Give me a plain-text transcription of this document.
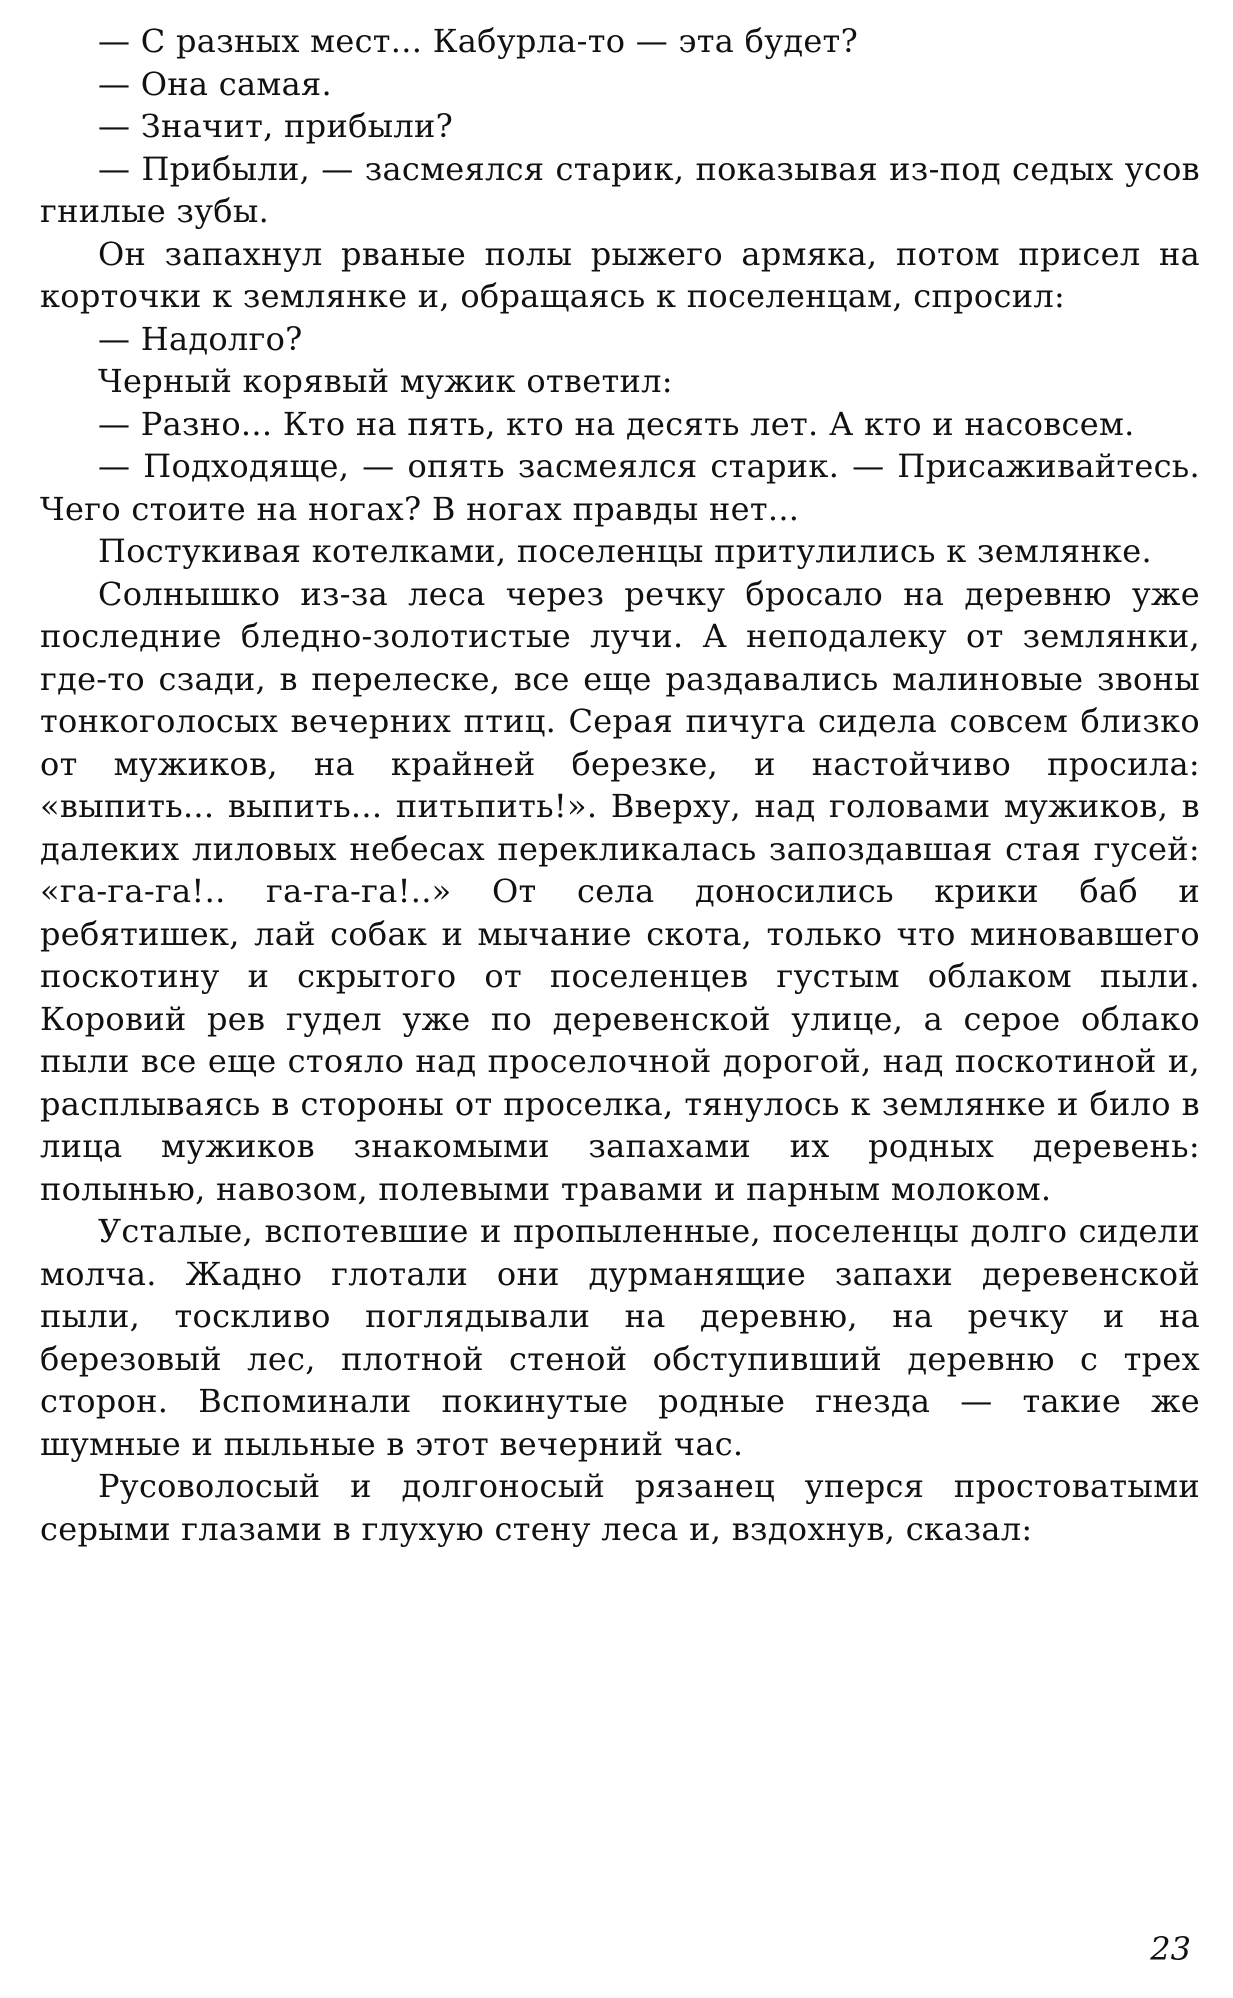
— С разных мест... Кабурла-то — эта будет?

— Она самая.

— Значит, прибыли?

— Прибыли, — засмеялся старик, показывая из-под седых усов гнилые зубы.

Он запахнул рваные полы рыжего армяка, потом присел на корточки к землянке и, обращаясь к поселенцам, спросил:

— Надолго?

Черный корявый мужик ответил:

— Разно... Кто на пять, кто на десять лет. А кто и насовсем.

— Подходяще, — опять засмеялся старик. — Присаживайтесь. Чего стоите на ногах? В ногах правды нет...

Постукивая котелками, поселенцы притулились к землянке.

Солнышко из-за леса через речку бросало на деревню уже последние бледно-золотистые лучи. А неподалеку от землянки, где-то сзади, в перелеске, все еще раздавались малиновые звоны тонкоголосых вечерних птиц. Серая пичуга сидела совсем близко от мужиков, на крайней березке, и настойчиво просила: «выпить... выпить... питьпить!». Вверху, над головами мужиков, в далеких лиловых небесах перекликалась запоздавшая стая гусей: «га-га-га!.. га-га-га!..» От села доносились крики баб и ребятишек, лай собак и мычание скота, только что миновавшего поскотину и скрытого от поселенцев густым облаком пыли. Коровий рев гудел уже по деревенской улице, а серое облако пыли все еще стояло над проселочной дорогой, над поскотиной и, расплываясь в стороны от проселка, тянулось к землянке и било в лица мужиков знакомыми запахами их родных деревень: полынью, навозом, полевыми травами и парным молоком.

Усталые, вспотевшие и пропыленные, поселенцы долго сидели молча. Жадно глотали они дурманящие запахи деревенской пыли, тоскливо поглядывали на деревню, на речку и на березовый лес, плотной стеной обступивший деревню с трех сторон. Вспоминали покинутые родные гнезда — такие же шумные и пыльные в этот вечерний час.

Русоволосый и долгоносый рязанец уперся простоватыми серыми глазами в глухую стену леса и, вздохнув, сказал:

23
